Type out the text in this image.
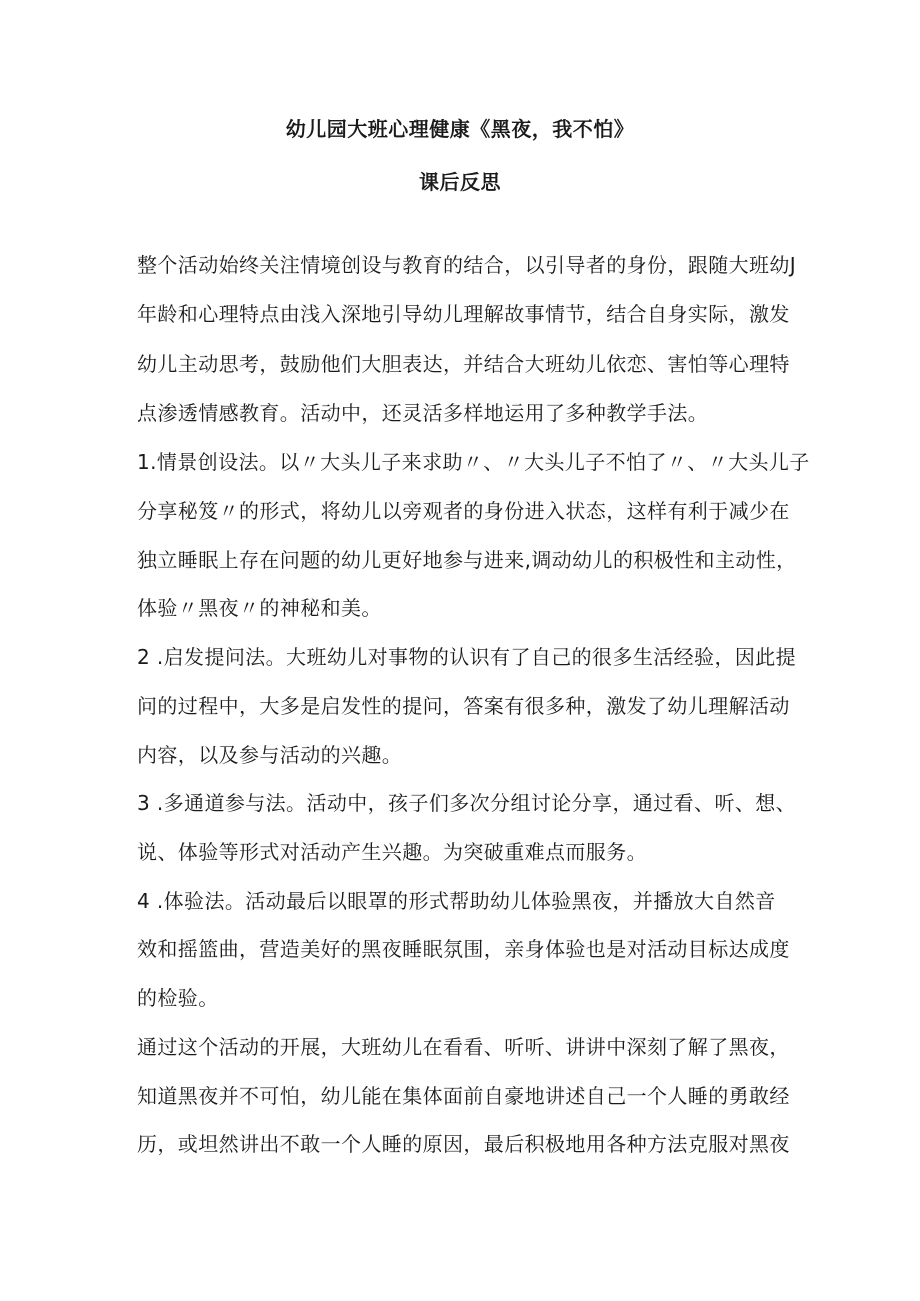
幼儿园大班心理健康《黑夜，我不怕》
课后反思
整个活动始终关注情境创设与教育的结合，以引导者的身份，跟随大班幼J
年龄和心理特点由浅入深地引导幼儿理解故事情节，结合自身实际，激发
幼儿主动思考，鼓励他们大胆表达，并结合大班幼儿依恋、害怕等心理特
点渗透情感教育。活动中，还灵活多样地运用了多种教学手法。
1.情景创设法。以〃大头儿子来求助〃、〃大头儿子不怕了〃、〃大头儿子
分享秘笈〃的形式，将幼儿以旁观者的身份进入状态，这样有利于减少在
独立睡眠上存在问题的幼儿更好地参与进来,调动幼儿的积极性和主动性，
体验〃黑夜〃的神秘和美。
2 .启发提问法。大班幼儿对事物的认识有了自己的很多生活经验，因此提
问的过程中，大多是启发性的提问，答案有很多种，激发了幼儿理解活动
内容，以及参与活动的兴趣。
3 .多通道参与法。活动中，孩子们多次分组讨论分享，通过看、听、想、
说、体验等形式对活动产生兴趣。为突破重难点而服务。
4 .体验法。活动最后以眼罩的形式帮助幼儿体验黑夜，并播放大自然音
效和摇篮曲，营造美好的黑夜睡眠氛围，亲身体验也是对活动目标达成度
的检验。
通过这个活动的开展，大班幼儿在看看、听听、讲讲中深刻了解了黑夜，
知道黑夜并不可怕，幼儿能在集体面前自豪地讲述自己一个人睡的勇敢经
历，或坦然讲出不敢一个人睡的原因，最后积极地用各种方法克服对黑夜
